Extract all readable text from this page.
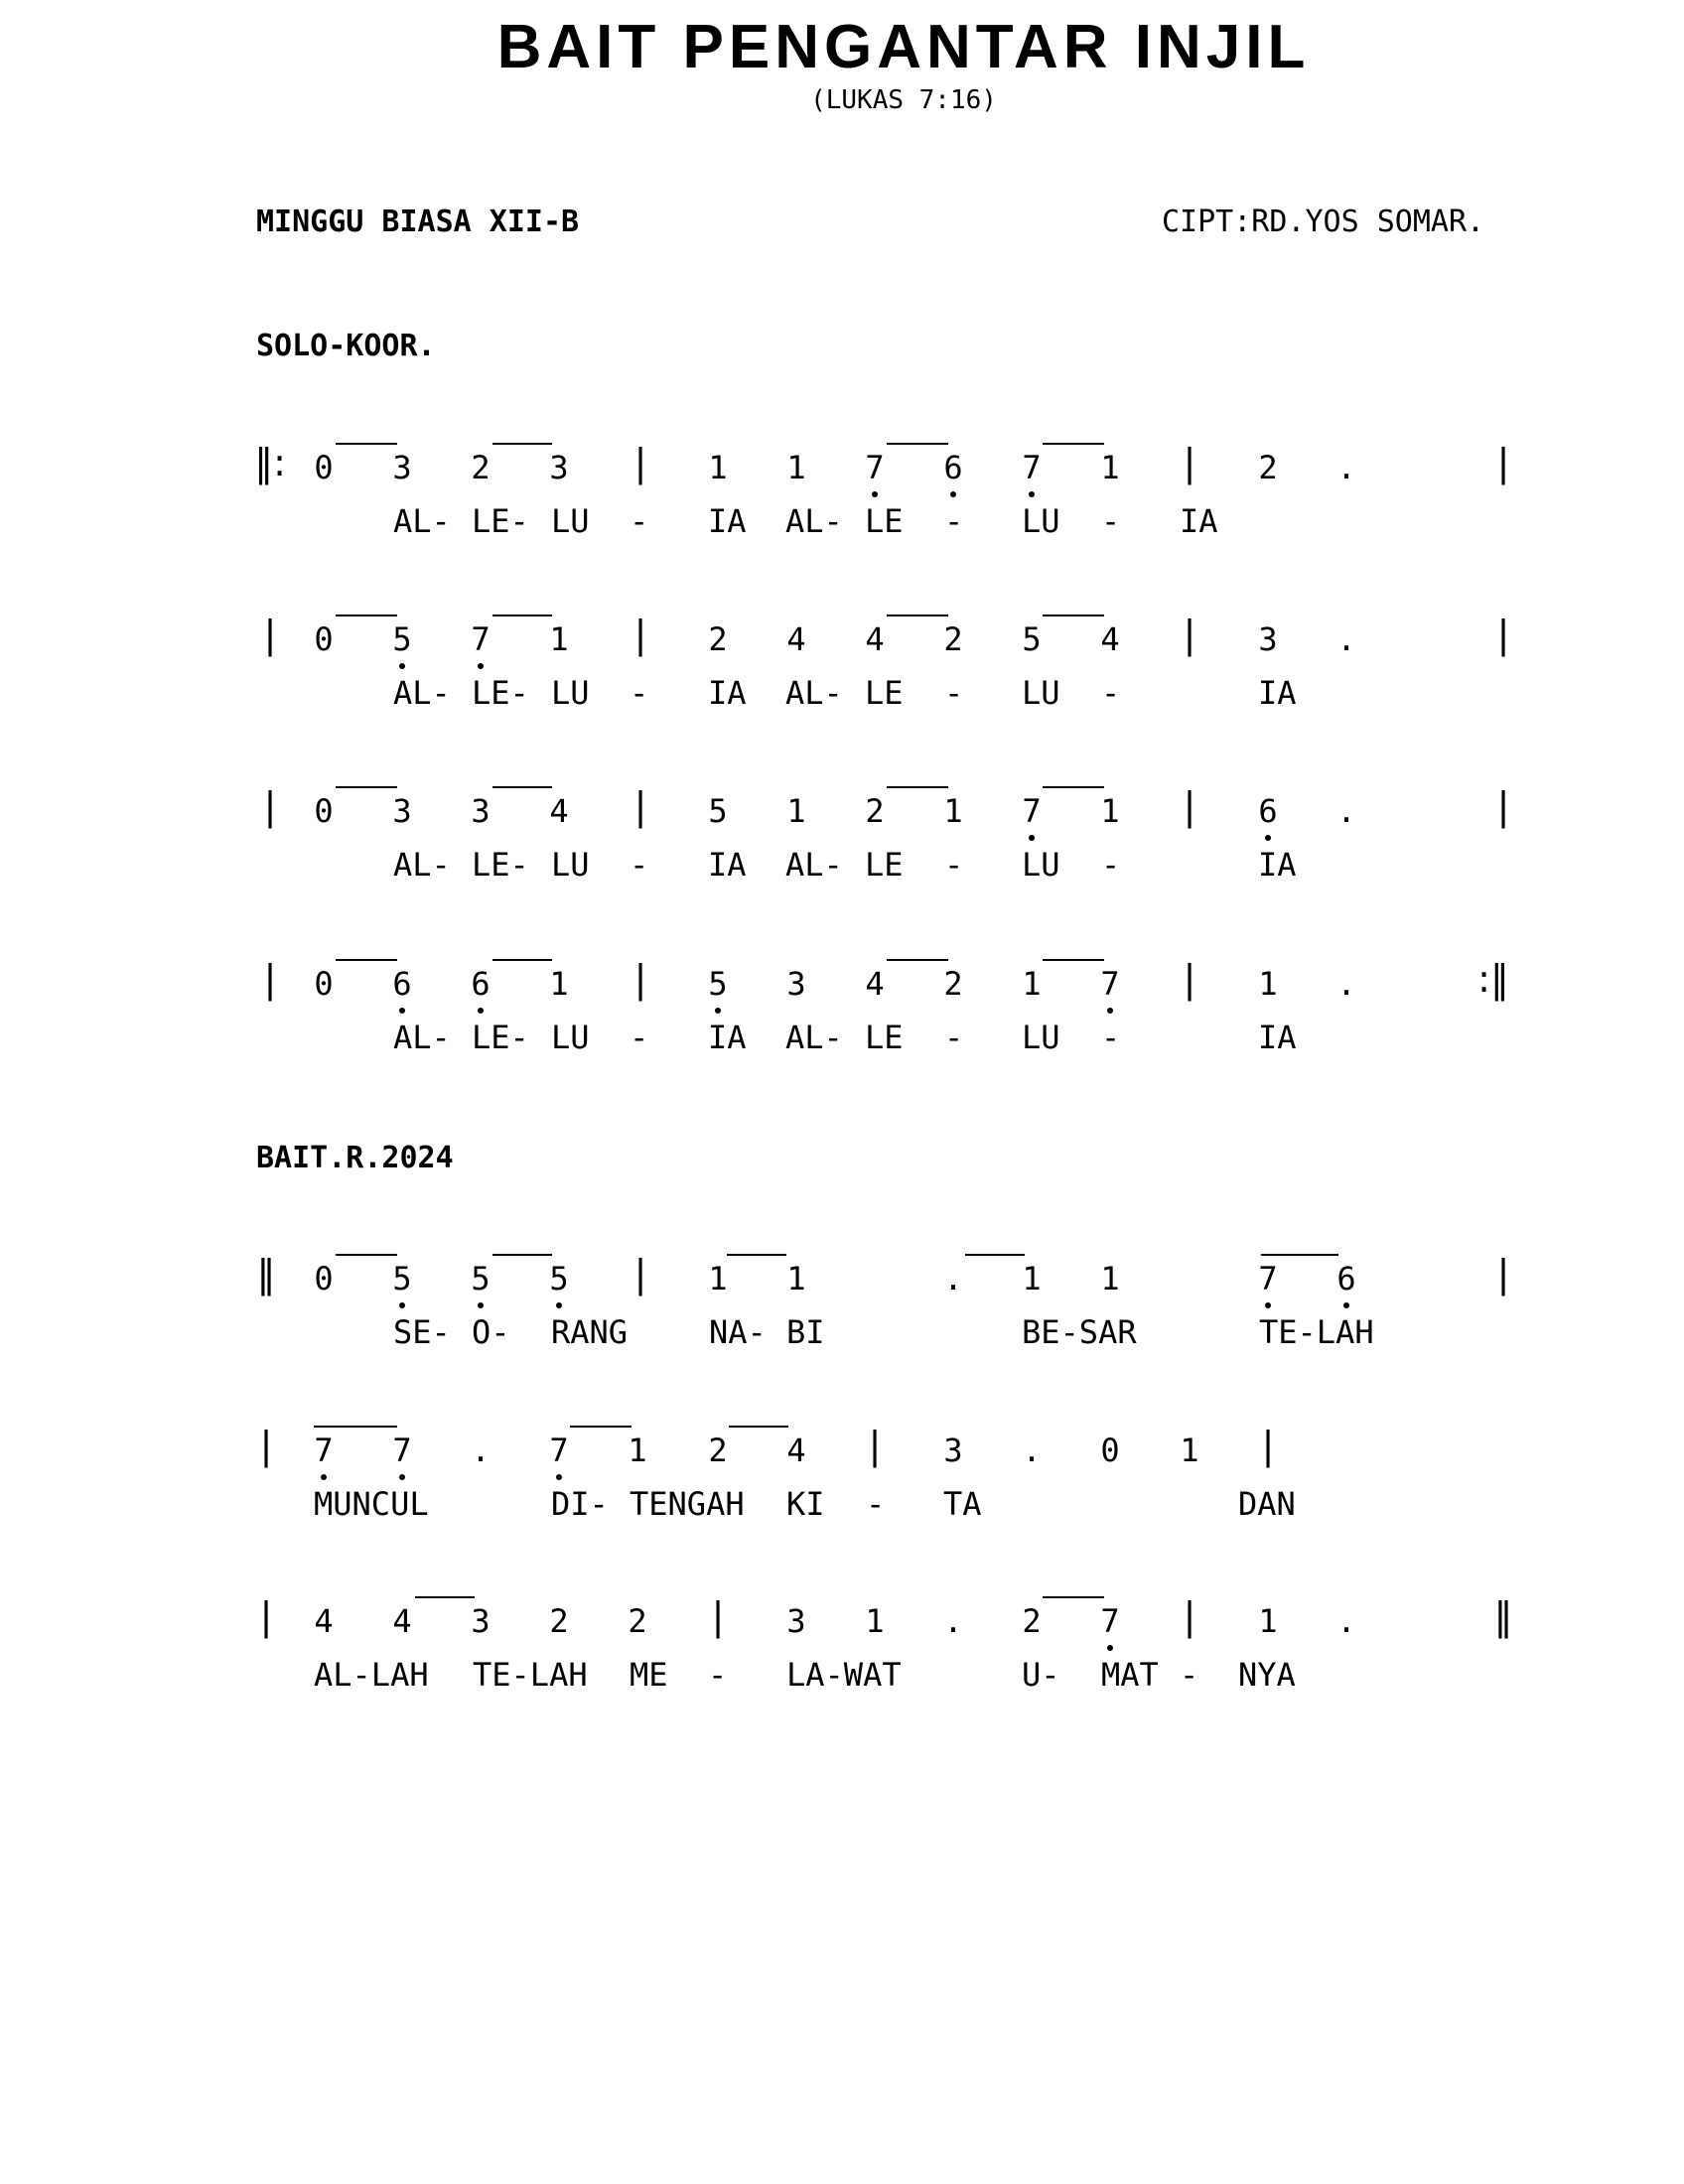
BAIT PENGANTAR INJIL
(LUKAS 7:16)
MINGGU BIASA XII-B	CIPT:RD.YOS SOMAR.
SOLO-KOOR.
BAIT.R.2024
‖: 0 3 2 3 | 1 1 7 6 7 1 | 2 .	|
AL- LE- LU - IA AL- LE - LU - IA
| 0 5 7 1 | 2 4 4 2 5 4 | 3 .	|
AL- LE- LU - IA AL- LE - LU -	IA
| 0 3 3 4 | 5 1 2 1 7 1 | 6 .	|
AL- LE- LU - IA AL- LE - LU -	IA
| 0 6 6 1 | 5 3 4 2 1 7 | 1 .	:‖
AL- LE- LU - IA AL- LE - LU -	IA
‖ 0 5 5 5 | 1 1	. 1 1	7 6	|
SE- O- RANG	NA- BI	BE-SAR	TE-LAH
| 7 7 . 7 1 2 4 | 3 . 0 1 |
MUNCUL	DI- TENGAH KI - TA	DAN
| 4 4 3 2 2 | 3 1 . 2 7 | 1 .	‖
AL-LAH TE-LAH ME - LA-WAT	U- MAT - NYA
